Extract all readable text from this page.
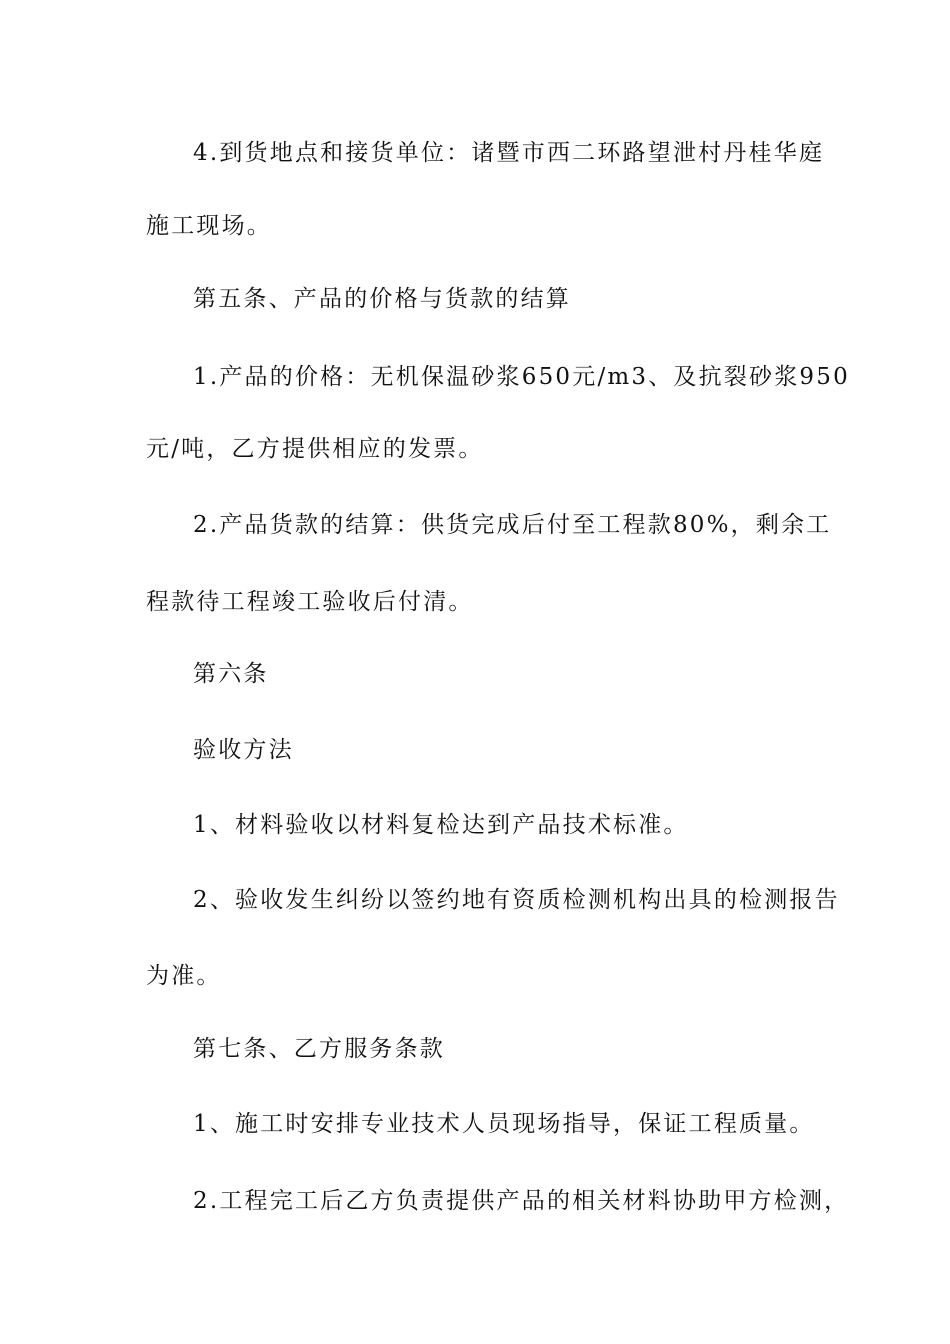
4.到货地点和接货单位：诸暨市西二环路望泄村丹桂华庭
施工现场。
第五条、产品的价格与货款的结算
1.产品的价格：无机保温砂浆650元/m3、及抗裂砂浆950
元/吨，乙方提供相应的发票。
2.产品货款的结算：供货完成后付至工程款80%，剩余工
程款待工程竣工验收后付清。
第六条
验收方法
1、材料验收以材料复检达到产品技术标准。
2、验收发生纠纷以签约地有资质检测机构出具的检测报告
为准。
第七条、乙方服务条款
1、施工时安排专业技术人员现场指导，保证工程质量。
2.工程完工后乙方负责提供产品的相关材料协助甲方检测，
